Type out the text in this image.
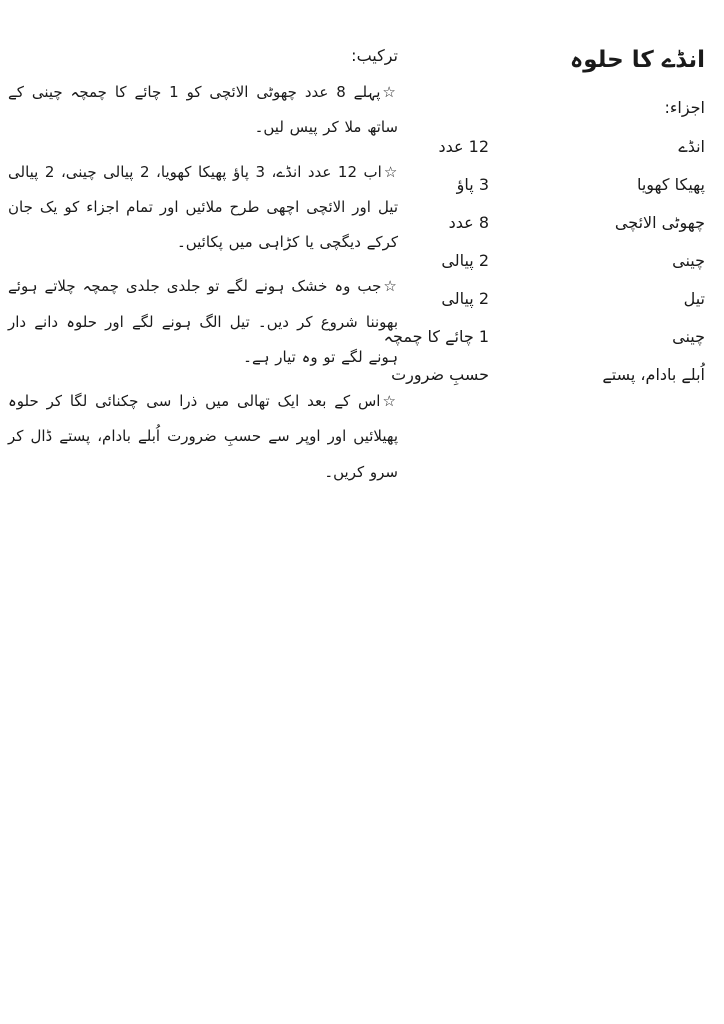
انڈے کا حلوہ
اجزاء:
انڈے
12 عدد
پھیکا کھویا
3 پاؤ
چھوٹی الائچی
8 عدد
چینی
2 پیالی
تیل
2 پیالی
چینی
1 چائے کا چمچہ
اُبلے بادام، پستے
حسبِ ضرورت
ترکیب:

☆پہلے 8 عدد چھوٹی الائچی کو 1 چائے کا چمچہ چینی کے ساتھ ملا کر پیس لیں۔

☆اب 12 عدد انڈے، 3 پاؤ پھیکا کھویا، 2 پیالی چینی، 2 پیالی تیل اور الائچی اچھی طرح ملائیں اور تمام اجزاء کو یک جان کرکے دیگچی یا کڑاہی میں پکائیں۔

☆جب وہ خشک ہونے لگے تو جلدی جلدی چمچہ چلاتے ہوئے بھوننا شروع کر دیں۔ تیل الگ ہونے لگے اور حلوہ دانے دار ہونے لگے تو وہ تیار ہے۔

☆اس کے بعد ایک تھالی میں ذرا سی چکنائی لگا کر حلوہ پھیلائیں اور اوپر سے حسبِ ضرورت اُبلے بادام، پستے ڈال کر سرو کریں۔
